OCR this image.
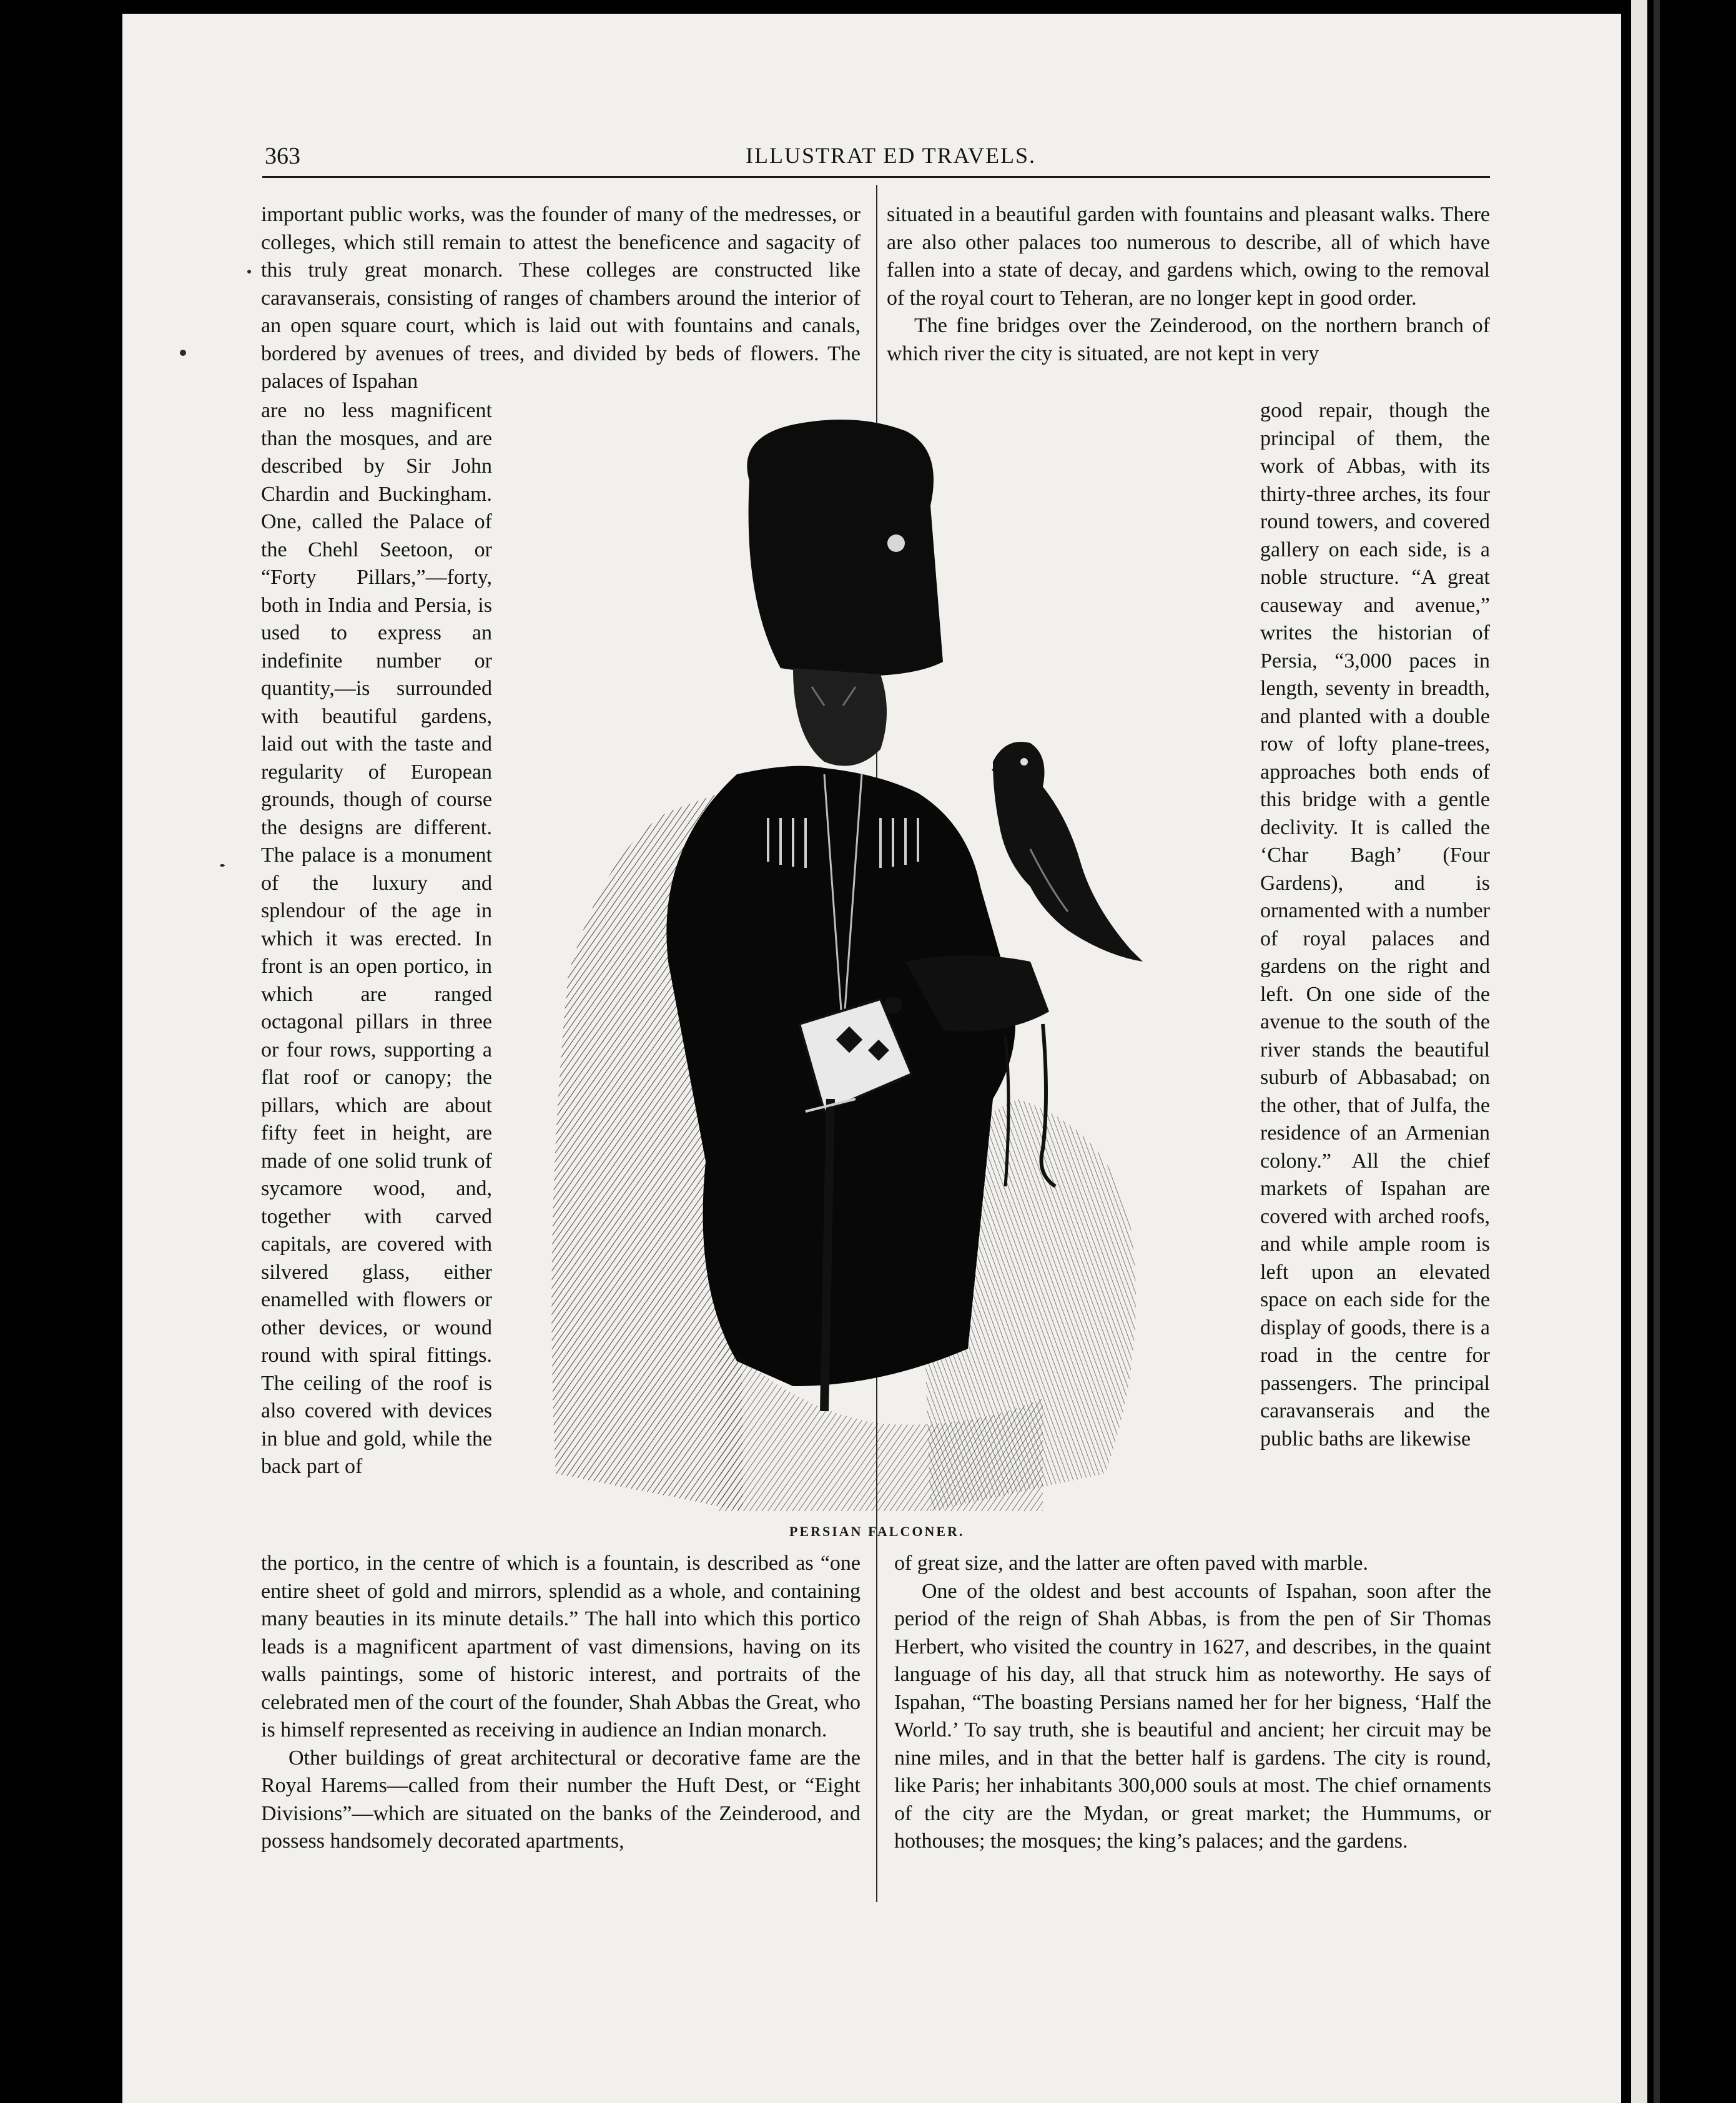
363	ILLUSTRAT ED TRAVELS.

important public works, was the founder of many of the medresses, or colleges, which still remain to attest the beneficence and sagacity of this truly great monarch. These colleges are constructed like caravanserais, consisting of ranges of chambers around the interior of an open square court, which is laid out with fountains and canals, bordered by avenues of trees, and divided by beds of flowers. The palaces of Ispahan

are no less magnificent than the mosques, and are described by Sir John Chardin and Buckingham. One, called the Palace of the Chehl Seetoon, or “Forty Pillars,”—forty, both in India and Persia, is used to express an indefinite number or quantity,—is surrounded with beautiful gardens, laid out with the taste and regularity of European grounds, though of course the designs are different. The palace is a monument of the luxury and splendour of the age in which it was erected. In front is an open portico, in which are ranged octagonal pillars in three or four rows, supporting a flat roof or canopy; the pillars, which are about fifty feet in height, are made of one solid trunk of sycamore wood, and, together with carved capitals, are covered with silvered glass, either enamelled with flowers or other devices, or wound round with spiral fittings. The ceiling of the roof is also covered with devices in blue and gold, while the back part of

the portico, in the centre of which is a fountain, is described as “one entire sheet of gold and mirrors, splendid as a whole, and containing many beauties in its minute details.” The hall into which this portico leads is a magnificent apartment of vast dimensions, having on its walls paintings, some of historic interest, and portraits of the celebrated men of the court of the founder, Shah Abbas the Great, who is himself represented as receiving in audience an Indian monarch.

Other buildings of great architectural or decorative fame are the Royal Harems—called from their number the Huft Dest, or “Eight Divisions”—which are situated on the banks of the Zeinderood, and possess handsomely decorated apartments,

situated in a beautiful garden with fountains and pleasant walks. There are also other palaces too numerous to describe, all of which have fallen into a state of decay, and gardens which, owing to the removal of the royal court to Teheran, are no longer kept in good order.

The fine bridges over the Zeinderood, on the northern branch of which river the city is situated, are not kept in very

good repair, though the principal of them, the work of Abbas, with its thirty-three arches, its four round towers, and covered gallery on each side, is a noble structure. “A great causeway and avenue,” writes the historian of Persia, “3,000 paces in length, seventy in breadth, and planted with a double row of lofty plane-trees, approaches both ends of this bridge with a gentle declivity. It is called the ‘Char Bagh’ (Four Gardens), and is ornamented with a number of royal palaces and gardens on the right and left. On one side of the avenue to the south of the river stands the beautiful suburb of Abbasabad; on the other, that of Julfa, the residence of an Armenian colony.” All the chief markets of Ispahan are covered with arched roofs, and while ample room is left upon an elevated space on each side for the display of goods, there is a road in the centre for passengers. The principal caravanserais and the public baths are likewise

of great size, and the latter are often paved with marble.

One of the oldest and best accounts of Ispahan, soon after the period of the reign of Shah Abbas, is from the pen of Sir Thomas Herbert, who visited the country in 1627, and describes, in the quaint language of his day, all that struck him as noteworthy. He says of Ispahan, “The boasting Persians named her for her bigness, ‘Half the World.’ To say truth, she is beautiful and ancient; her circuit may be nine miles, and in that the better half is gardens. The city is round, like Paris; her inhabitants 300,000 souls at most. The chief ornaments of the city are the Mydan, or great market; the Hummums, or hothouses; the mosques; the king’s palaces; and the gardens.

PERSIAN FALCONER.
